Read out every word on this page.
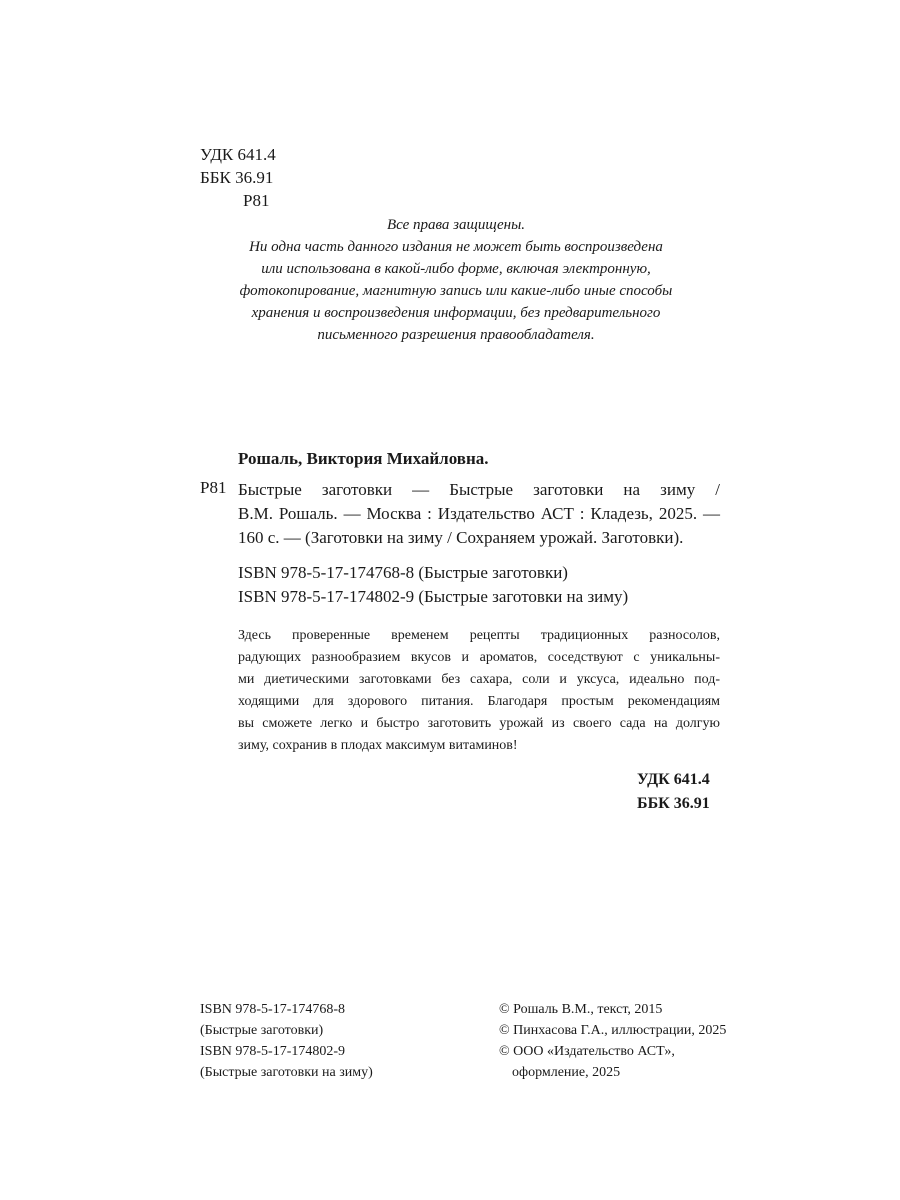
УДК 641.4
ББК 36.91
Р81
Все права защищены.
Ни одна часть данного издания не может быть воспроизведена
или использована в какой-либо форме, включая электронную,
фотокопирование, магнитную запись или какие-либо иные способы
хранения и воспроизведения информации, без предварительного
письменного разрешения правообладателя.
Рошаль, Виктория Михайловна.
Р81 Быстрые заготовки — Быстрые заготовки на зиму /
В.М. Рошаль. — Москва : Издательство АСТ : Кладезь, 2025. —
160 с. — (Заготовки на зиму / Сохраняем урожай. Заготовки).
ISBN 978-5-17-174768-8 (Быстрые заготовки)
ISBN 978-5-17-174802-9 (Быстрые заготовки на зиму)
Здесь проверенные временем рецепты традиционных разносолов,
радующих разнообразием вкусов и ароматов, соседствуют с уникальны-
ми диетическими заготовками без сахара, соли и уксуса, идеально под-
ходящими для здорового питания. Благодаря простым рекомендациям
вы сможете легко и быстро заготовить урожай из своего сада на долгую
зиму, сохранив в плодах максимум витаминов!
УДК 641.4
ББК 36.91
ISBN 978-5-17-174768-8
(Быстрые заготовки)
ISBN 978-5-17-174802-9
(Быстрые заготовки на зиму)
© Рошаль В.М., текст, 2015
© Пинхасова Г.А., иллюстрации, 2025
© ООО «Издательство АСТ»,
оформление, 2025
